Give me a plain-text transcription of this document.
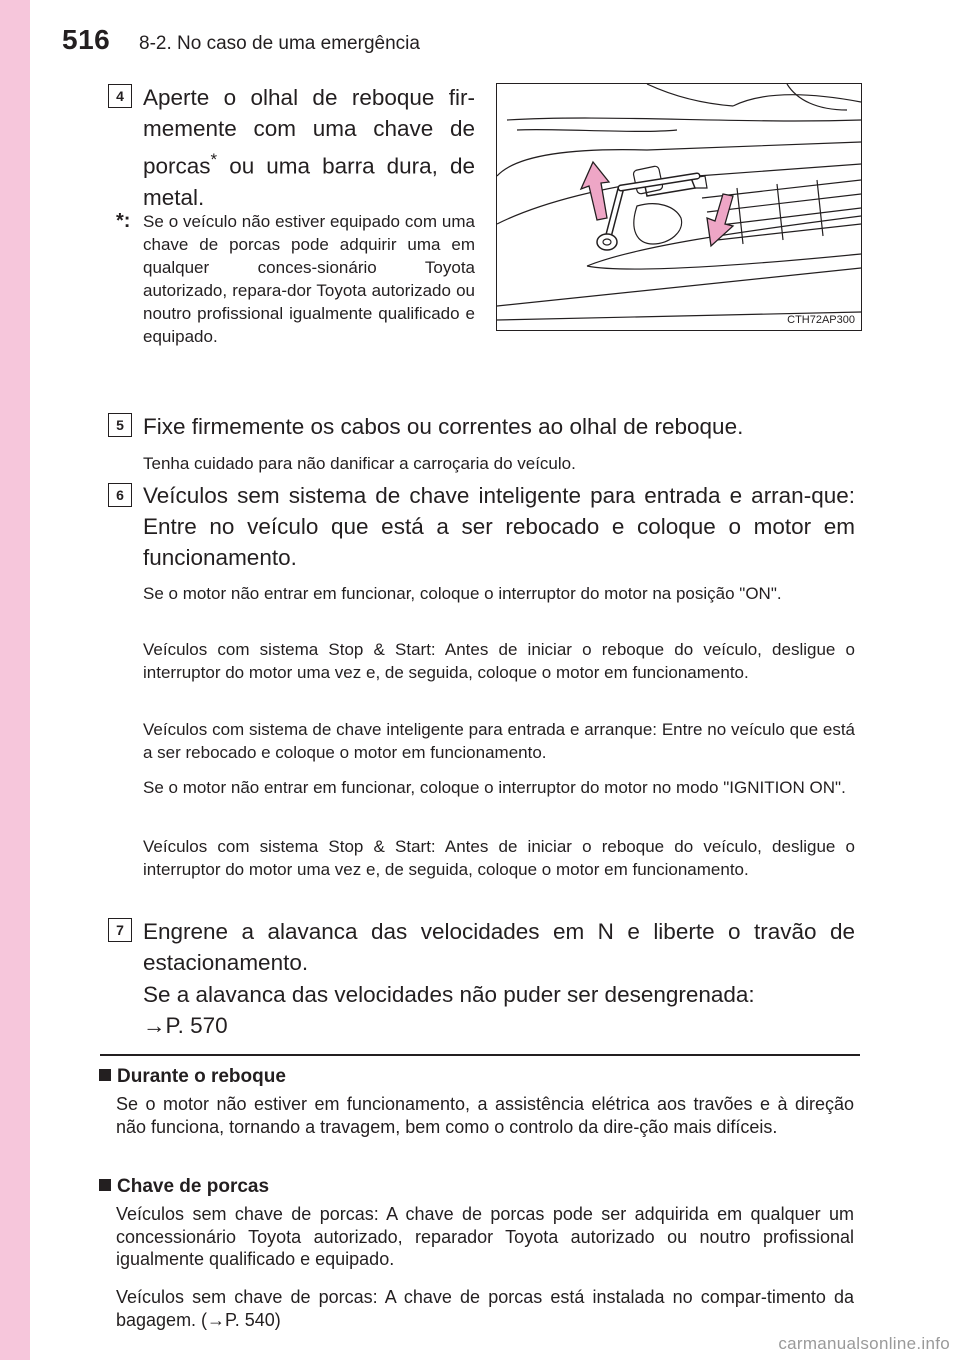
516 8-2. No caso de uma emergência
4 Aperte o olhal de reboque fir-memente com uma chave de porcas* ou uma barra dura, de metal.

*: Se o veículo não estiver equipado com uma chave de porcas pode adquirir uma em qualquer conces-sionário Toyota autorizado, repara-dor Toyota autorizado ou noutro profissional igualmente qualificado e equipado.

CTH72AP300
5 Fixe firmemente os cabos ou correntes ao olhal de reboque.

Tenha cuidado para não danificar a carroçaria do veículo.

6 Veículos sem sistema de chave inteligente para entrada e arran-que: Entre no veículo que está a ser rebocado e coloque o motor em funcionamento.

Se o motor não entrar em funcionar, coloque o interruptor do motor na posição "ON".

Veículos com sistema Stop & Start: Antes de iniciar o reboque do veículo, desligue o interruptor do motor uma vez e, de seguida, coloque o motor em funcionamento.

Veículos com sistema de chave inteligente para entrada e arranque: Entre no veículo que está a ser rebocado e coloque o motor em funcionamento.

Se o motor não entrar em funcionar, coloque o interruptor do motor no modo "IGNITION ON".

Veículos com sistema Stop & Start: Antes de iniciar o reboque do veículo, desligue o interruptor do motor uma vez e, de seguida, coloque o motor em funcionamento.

7 Engrene a alavanca das velocidades em N e liberte o travão de estacionamento.

Se a alavanca das velocidades não puder ser desengrenada:

→P. 570

Durante o reboque

Se o motor não estiver em funcionamento, a assistência elétrica aos travões e à direção não funciona, tornando a travagem, bem como o controlo da dire-ção mais difíceis.

Chave de porcas

Veículos sem chave de porcas: A chave de porcas pode ser adquirida em qualquer um concessionário Toyota autorizado, reparador Toyota autorizado ou noutro profissional igualmente qualificado e equipado.

Veículos sem chave de porcas: A chave de porcas está instalada no compar-timento da bagagem. (→P. 540)

carmanualsonline.info
